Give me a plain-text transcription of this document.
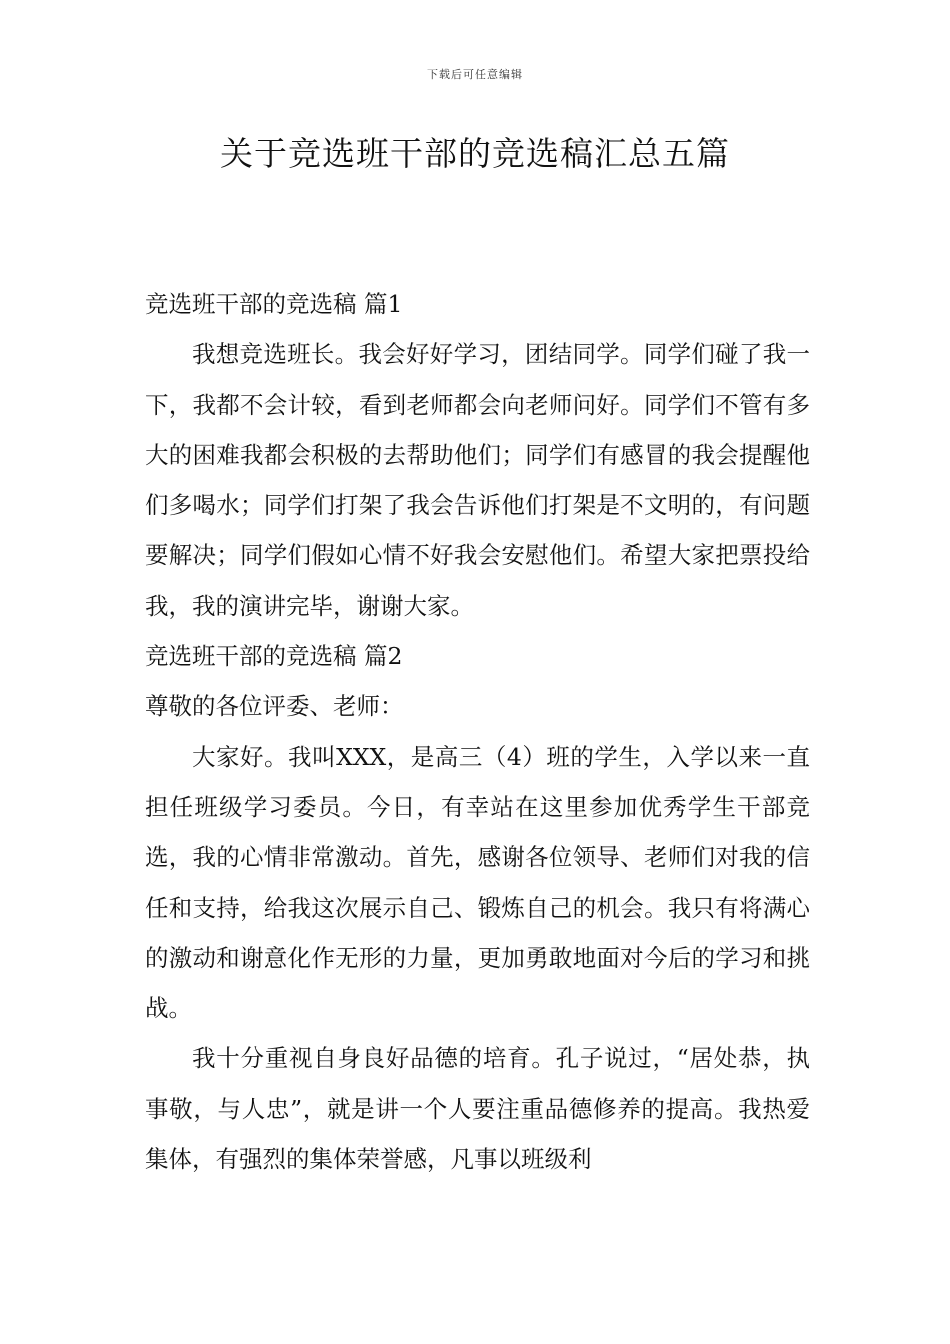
下载后可任意编辑
关于竞选班干部的竞选稿汇总五篇

竞选班干部的竞选稿 篇1

我想竞选班长。我会好好学习，团结同学。同学们碰了我一下，我都不会计较，看到老师都会向老师问好。同学们不管有多大的困难我都会积极的去帮助他们；同学们有感冒的我会提醒他们多喝水；同学们打架了我会告诉他们打架是不文明的，有问题要解决；同学们假如心情不好我会安慰他们。希望大家把票投给我，我的演讲完毕，谢谢大家。

竞选班干部的竞选稿 篇2

尊敬的各位评委、老师：

大家好。我叫XXX，是高三（4）班的学生，入学以来一直担任班级学习委员。今日，有幸站在这里参加优秀学生干部竞选，我的心情非常激动。首先，感谢各位领导、老师们对我的信任和支持，给我这次展示自己、锻炼自己的机会。我只有将满心的激动和谢意化作无形的力量，更加勇敢地面对今后的学习和挑战。

我十分重视自身良好品德的培育。孔子说过，“居处恭，执事敬，与人忠”，就是讲一个人要注重品德修养的提高。我热爱集体，有强烈的集体荣誉感，凡事以班级利
